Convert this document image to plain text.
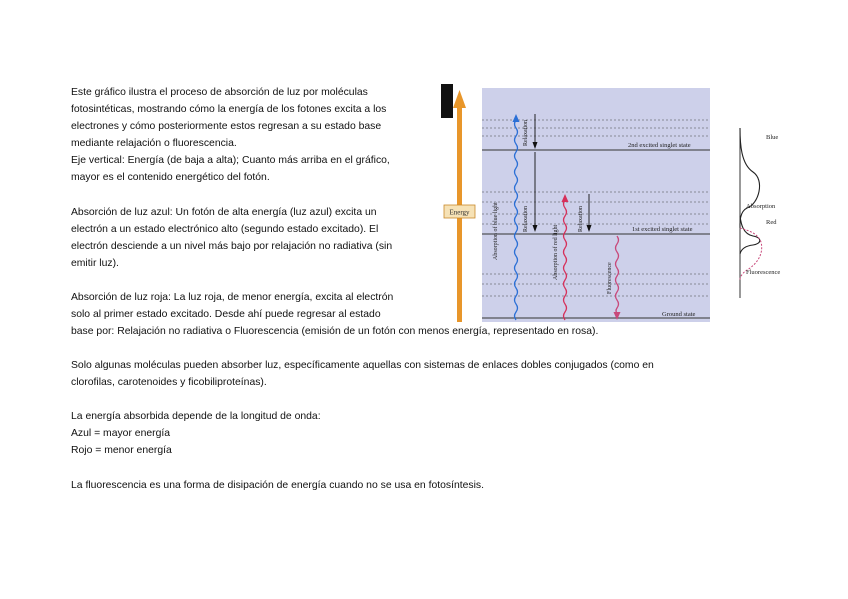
Este gráfico ilustra el proceso de absorción de luz por moléculas
fotosintéticas, mostrando cómo la energía de los fotones excita a los
electrones y cómo posteriormente estos regresan a su estado base
mediante relajación o fluorescencia.
Eje vertical: Energía (de baja a alta); Cuanto más arriba en el gráfico,
mayor es el contenido energético del fotón.
Absorción de luz azul: Un fotón de alta energía (luz azul) excita un
electrón a un estado electrónico alto (segundo estado excitado). El
electrón desciende a un nivel más bajo por relajación no radiativa (sin
emitir luz).
Absorción de luz roja: La luz roja, de menor energía, excita al electrón
solo al primer estado excitado. Desde ahí puede regresar al estado
base por: Relajación no radiativa o Fluorescencia (emisión de un fotón con menos energía, representado en rosa).
Solo algunas moléculas pueden absorber luz, específicamente aquellas con sistemas de enlaces dobles conjugados (como en
clorofilas, carotenoides y ficobiliproteínas).
La energía absorbida depende de la longitud de onda:
Azul = mayor energía
Rojo = menor energía
La fluorescencia es una forma de disipación de energía cuando no se usa en fotosíntesis.
Energy
2nd excited singlet state
1st excited singlet state
Ground state
Absorption of blue light
Relaxation
Relaxation
Absorption of red light
Relaxation
Fluorescence
Blue
Absorption
Red
Fluorescence
